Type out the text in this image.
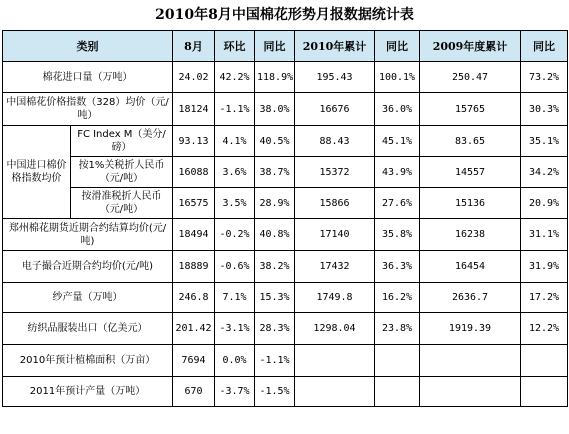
2010年8月中国棉花形势月报数据统计表
类别		8月	环比	同比	2010年累计	同比	2009年度累计	同比
棉花进口量（万吨）		24.02	42.2%	118.9%	195.43	100.1%	250.47	73.2%
中国棉花价格指数（328）均价（元/吨）		18124	-1.1%	38.0%	16676	36.0%	15765	30.3%
中国进口棉价格指数均价	FC Index M（美分/磅）	93.13	4.1%	40.5%	88.43	45.1%	83.65	35.1%
	按1%关税折人民币（元/吨）	16088	3.6%	38.7%	15372	43.9%	14557	34.2%
	按滑准税折人民币（元/吨）	16575	3.5%	28.9%	15866	27.6%	15136	20.9%
郑州棉花期货近期合约结算均价(元/吨)		18494	-0.2%	40.8%	17140	35.8%	16238	31.1%
电子撮合近期合约均价(元/吨)		18889	-0.6%	38.2%	17432	36.3%	16454	31.9%
纱产量（万吨）		246.8	7.1%	15.3%	1749.8	16.2%	2636.7	17.2%
纺织品服装出口（亿美元）		201.42	-3.1%	28.3%	1298.04	23.8%	1919.39	12.2%
2010年预计植棉面积（万亩）		7694	0.0%	-1.1%				
2011年预计产量（万吨）		670	-3.7%	-1.5%				
